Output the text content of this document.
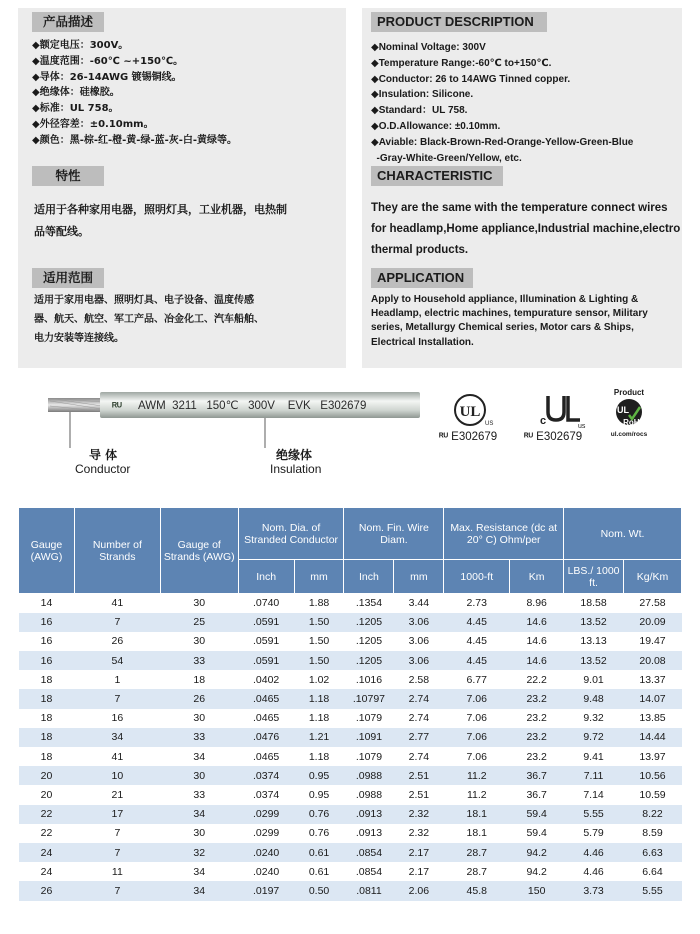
产品描述
◆额定电压：300V。
◆温度范围：-60℃ ~+150℃。
◆导体：26-14AWG 镀锡铜线。
◆绝缘体：硅橡胶。
◆标准：UL 758。
◆外径容差：±0.10mm。
◆颜色：黑-棕-红-橙-黄-绿-蓝-灰-白-黄绿等。
特性
适用于各种家用电器，照明灯具，工业机器，电热制
品等配线。
适用范围
适用于家用电器、照明灯具、电子设备、温度传感
器、航天、航空、军工产品、冶金化工、汽车船舶、
电力安装等连接线。
PRODUCT DESCRIPTION
◆Nominal Voltage: 300V
◆Temperature Range:-60℃ to+150℃.
◆Conductor: 26 to 14AWG Tinned copper.
◆Insulation: Silicone.
◆Standard：UL 758.
◆O.D.Allowance: ±0.10mm.
◆Aviable: Black-Brown-Red-Orange-Yellow-Green-Blue
-Gray-White-Green/Yellow, etc.
CHARACTERISTIC
They are the same with the temperature connect wires
for headlamp,Home appliance,Industrial machine,electro
thermal products.
APPLICATION
Apply to Household appliance, Illumination & Lighting &
Headlamp, electric machines, tempurature sensor, Military
series, Metallurgy Chemical series, Motor cars & Ships,
Electrical Installation.
ᴿᵁ AWM  3211   150℃   300V    EVK   E302679
导 体
Conductor
绝缘体
Insulation
UL
US
ᴿᵁ E302679
c	us
ᴿᵁ E302679
Product
UL
RoHS
ul.com/rocs
Gauge (AWG)	Number of Strands	Gauge of Strands (AWG)	Nom. Dia. of Stranded Conductor		Nom. Fin. Wire Diam.		Max. Resistance (dc at 20° C) Ohm/per		Nom. Wt.	
			Inch	mm	Inch	mm	1000-ft	Km	LBS./ 1000 ft.	Kg/Km
14	41	30	.0740	1.88	.1354	3.44	2.73	8.96	18.58	27.58
16	7	25	.0591	1.50	.1205	3.06	4.45	14.6	13.52	20.09
16	26	30	.0591	1.50	.1205	3.06	4.45	14.6	13.13	19.47
16	54	33	.0591	1.50	.1205	3.06	4.45	14.6	13.52	20.08
18	1	18	.0402	1.02	.1016	2.58	6.77	22.2	9.01	13.37
18	7	26	.0465	1.18	.10797	2.74	7.06	23.2	9.48	14.07
18	16	30	.0465	1.18	.1079	2.74	7.06	23.2	9.32	13.85
18	34	33	.0476	1.21	.1091	2.77	7.06	23.2	9.72	14.44
18	41	34	.0465	1.18	.1079	2.74	7.06	23.2	9.41	13.97
20	10	30	.0374	0.95	.0988	2.51	11.2	36.7	7.11	10.56
20	21	33	.0374	0.95	.0988	2.51	11.2	36.7	7.14	10.59
22	17	34	.0299	0.76	.0913	2.32	18.1	59.4	5.55	8.22
22	7	30	.0299	0.76	.0913	2.32	18.1	59.4	5.79	8.59
24	7	32	.0240	0.61	.0854	2.17	28.7	94.2	4.46	6.63
24	11	34	.0240	0.61	.0854	2.17	28.7	94.2	4.46	6.64
26	7	34	.0197	0.50	.0811	2.06	45.8	150	3.73	5.55
